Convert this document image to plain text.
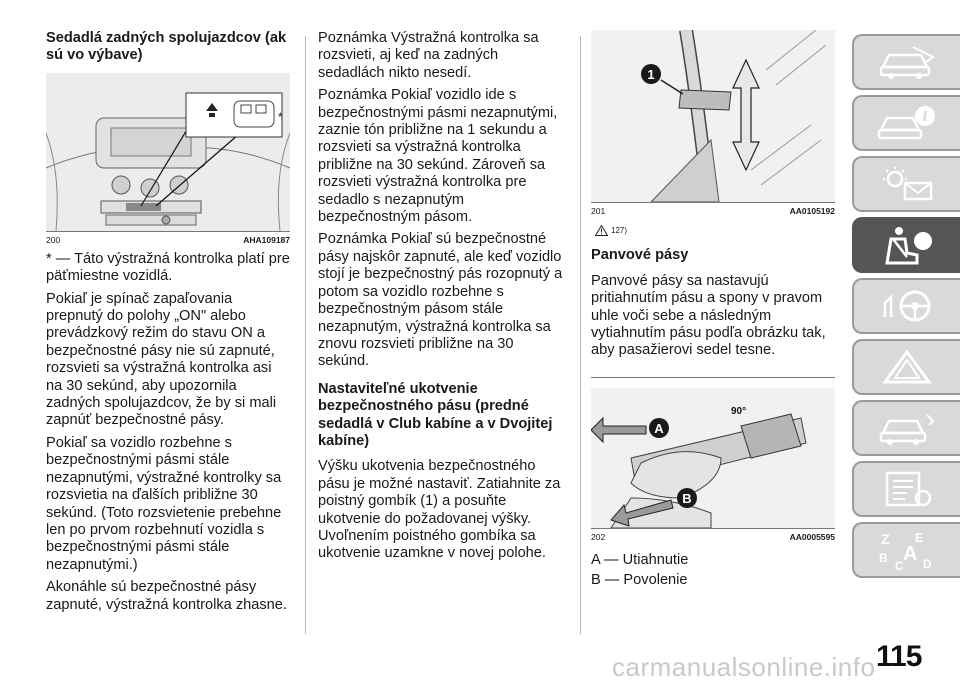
Sedadlá zadných spolujazdcov (ak sú vo výbave)
*
200	AHA109187

* — Táto výstražná kontrolka platí pre päťmiestne vozidlá.

Pokiaľ je spínač zapaľovania prepnutý do polohy „ON" alebo prevádzkový režim do stavu ON a bezpečnostné pásy nie sú zapnuté, rozsvieti sa výstražná kontrolka asi na 30 sekúnd, aby upozornila zadných spolujazdcov, že by si mali zapnúť bezpečnostné pásy.

Pokiaľ sa vozidlo rozbehne s bezpečnostnými pásmi stále nezapnutými, výstražné kontrolky sa rozsvietia na ďalších približne 30 sekúnd. (Toto rozsvietenie prebehne len po prvom rozbehnutí vozidla s bezpečnostnými pásmi stále nezapnutými.)

Akonáhle sú bezpečnostné pásy zapnuté, výstražná kontrolka zhasne.

Poznámka Výstražná kontrolka sa rozsvieti, aj keď na zadných sedadlách nikto nesedí.

Poznámka Pokiaľ vozidlo ide s bezpečnostnými pásmi nezapnutými, zaznie tón približne na 1 sekundu a rozsvieti sa výstražná kontrolka približne na 30 sekúnd. Zároveň sa rozsvieti výstražná kontrolka pre sedadlo s nezapnutým bezpečnostným pásom.

Poznámka Pokiaľ sú bezpečnostné pásy najskôr zapnuté, ale keď vozidlo stojí je bezpečnostný pás rozopnutý a potom sa vozidlo rozbehne s bezpečnostným pásom stále nezapnutým, výstražná kontrolka sa znovu rozsvieti približne na 30 sekúnd.

Nastaviteľné ukotvenie bezpečnostného pásu (predné sedadlá v Club kabíne a v Dvojitej kabíne)

Výšku ukotvenia bezpečnostného pásu je možné nastaviť. Zatiahnite za poistný gombík (1) a posuňte ukotvenie do požadovanej výšky. Uvoľnením poistného gombíka sa ukotvenie uzamkne v novej polohe.

1
201	AA0105192
127)
Panvové pásy

Panvové pásy sa nastavujú pritiahnutím pásu a spony v pravom uhle voči sebe a následným vytiahnutím pásu podľa obrázku tak, aby pasažierovi sedel tesne.

A
B
90°
202	AA0005595

A — Utiahnutie

B — Povolenie

i
Z E
B A
C D
115
carmanualsonline.info
